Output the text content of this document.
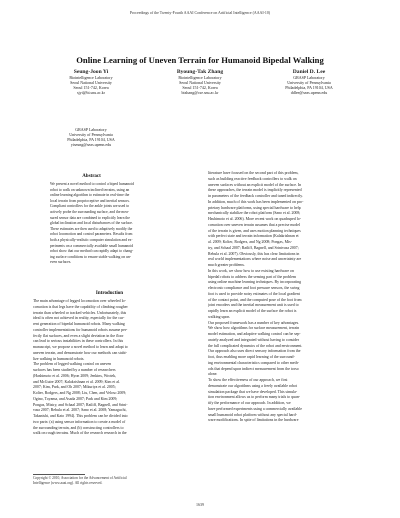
Proceedings of the Twenty-Fourth AAAI Conference on Artificial Intelligence (AAAI-10)
Online Learning of Uneven Terrain for Humanoid Bipedal Walking
Seung-Joon Yi
Biointelligence Laboratory
Seoul National University
Seoul 151-742, Korea
sjyi@bi.snu.ac.kr
Byoung-Tak Zhang
Biointelligence Laboratory
Seoul National University
Seoul 151-742, Korea
btzhang@cse.snu.ac.kr
Daniel D. Lee
GRASP Laboratory
University of Pennsylvania
Philadelphia, PA 19104, USA
ddlee@seas.upenn.edu
GRASP Laboratory
University of Pennsylvania
Philadelphia, PA 19104, USA
yiseung@seas.upenn.edu
Abstract
We present a novel method to control a biped humanoid
robot to walk on unknown inclined terrains, using an
online learning algorithm to estimate in real-time the
local terrain from proprioceptive and inertial sensors.
Compliant controllers for the ankle joints are used to
actively probe the surrounding surface, and the mea-
sured sensor data are combined to explicitly learn the
global inclination and local disturbances of the surface.
These estimates are then used to adaptively modify the
robot locomotion and control parameters. Results from
both a physically-realistic computer simulation and ex-
periments on a commercially available small humanoid
robot show that our method can rapidly adapt to chang-
ing surface conditions to ensure stable walking on un-
even surfaces.
Introduction
The main advantage of legged locomotion over wheeled lo-
comotion is that legs have the capability of climbing rougher
terrain than wheeled or tracked vehicles. Unfortunately, this
ideal is often not achieved in reality, especially for the cur-
rent generation of bipedal humanoid robots. Many walking
controller implementations for humanoid robots assume per-
fectly flat surfaces, and even a slight deviation in the floor
can lead to serious instabilities in these controllers. In this
manuscript, we propose a novel method to learn and adapt to
uneven terrain, and demonstrate how our methods can stabi-
lize walking in humanoid robots.
The problem of legged walking control on uneven
surfaces has been studied by a number of researchers
(Hashimoto et al. 2006; Hyon 2009; Jenkins, Wrotek,
and McGuire 2007; Kalakrishnan et al. 2009; Kim et al.
2007; Kim, Park, and Oh 2007; Mikuriya et al. 2005;
Kolter, Rodgers, and Ng 2008; Liu, Chen, and Veloso 2009;
Ogino, Toyama, and Asada 2007; Park and Kim 2009;
Pongas, Mistry, and Schaal 2007; Ratliff, Bagnell, and Srini-
vasa 2007; Rebula et al. 2007; Sano et al. 2008; Yamaguchi,
Takanishi, and Kato 1994). This problem can be divided into
two parts: (a) using sensor information to create a model of
the surrounding terrain, and (b) constructing controllers to
walk on rough terrains. Much of the research research in the
Copyright © 2010, Association for the Advancement of Artificial
Intelligence (www.aaai.org). All rights reserved.
literature have focused on the second part of this problem,
such as building reactive feedback controllers to walk on
uneven surfaces without an explicit model of the surface. In
these approaches, the terrain model is implicitly represented
in parameters of the feedback controller and tuned indirectly.
In addition, much of this work has been implemented on pro-
prietary hardware platforms, using special hardware to help
mechanically stabilize the robot platform (Sano et al. 2008;
Hashimoto et al. 2006). More recent work on quadruped lo-
comotion over uneven terrain assumes that a precise model
of the terrain is given, and uses motion planning techniques
with perfect state and terrain information (Kalakrishnan et
al. 2009; Kolter, Rodgers, and Ng 2008; Pongas, Mis-
try, and Schaal 2007; Ratliff, Bagnell, and Srinivasa 2007;
Rebula et al. 2007). Obviously, this has clear limitations in
real world implementations where noise and uncertainty are
much greater problems.
In this work, we show how to use existing hardware on
bipedal robots to address the sensing part of the problem
using online machine learning techniques. By incorporating
electronic compliance and foot pressure sensors, the swing
foot is used to provide noisy estimates of the local gradient
of the contact point, and the computed pose of the foot from
joint encoders and the inertial measurement unit is used to
rapidly learn an explicit model of the surface the robot is
walking upon.
Our proposed framework has a number of key advantages.
We show how algorithms for surface measurement, terrain
model estimation, and adaptive walking control can be sep-
arately analyzed and integrated without having to consider
the full complicated dynamics of the robot and environment.
Our approach also uses direct sensory information from the
foot, thus enabling more rapid learning of the surround-
ing environmental characteristics compared to other meth-
ods that depend upon indirect measurement from the torso
alone.
To show the effectiveness of our approach, we first
demonstrate our algorithms using a freely available robot
simulation package that we have developed. This simula-
tion environment allows us to perform many trials to quan-
tify the performance of our approach. In addition, we
have performed experiments using a commercially available
small humanoid robot platform without any special hard-
ware modifications. In spite of limitations in the hardware
1639
